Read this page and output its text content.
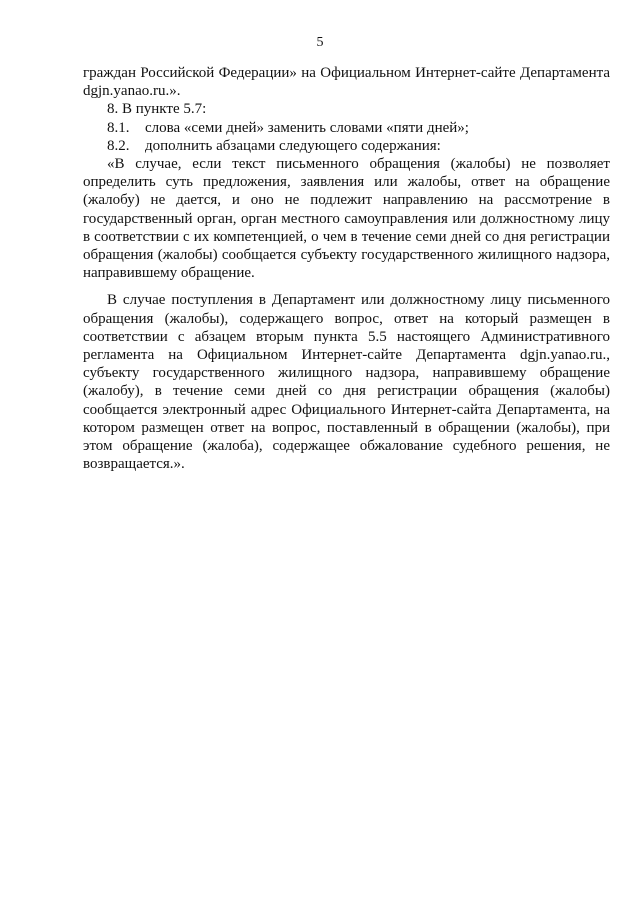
5

граждан Российской Федерации» на Официальном Интернет-сайте Департамента dgjn.yanao.ru.».

8. В пункте 5.7:

8.1. слова «семи дней» заменить словами «пяти дней»;

8.2. дополнить абзацами следующего содержания:

«В случае, если текст письменного обращения (жалобы) не позволяет определить суть предложения, заявления или жалобы, ответ на обращение (жалобу) не дается, и оно не подлежит направлению на рассмотрение в государственный орган, орган местного самоуправления или должностному лицу в соответствии с их компетенцией, о чем в течение семи дней со дня регистрации обращения (жалобы) сообщается субъекту государственного жилищного надзора, направившему обращение.

В случае поступления в Департамент или должностному лицу письменного обращения (жалобы), содержащего вопрос, ответ на который размещен в соответствии с абзацем вторым пункта 5.5 настоящего Административного регламента на Официальном Интернет-сайте Департамента dgjn.yanao.ru., субъекту государственного жилищного надзора, направившему обращение (жалобу), в течение семи дней со дня регистрации обращения (жалобы) сообщается электронный адрес Официального Интернет-сайта Департамента, на котором размещен ответ на вопрос, поставленный в обращении (жалобы), при этом обращение (жалоба), содержащее обжалование судебного решения, не возвращается.».
